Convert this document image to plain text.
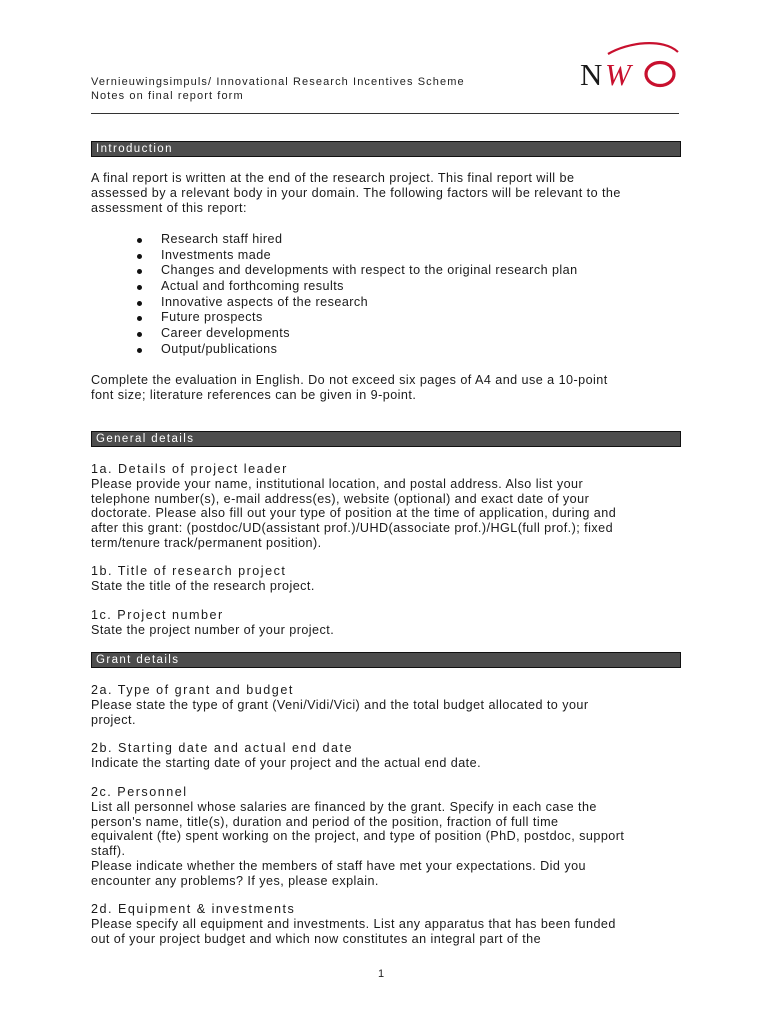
Vernieuwingsimpuls/ Innovational Research Incentives Scheme
Notes on final report form
N W
NWO
Introduction

A final report is written at the end of the research project. This final report will be
assessed by a relevant body in your domain. The following factors will be relevant to the
assessment of this report:

Research staff hired
Investments made
Changes and developments with respect to the original research plan
Actual and forthcoming results
Innovative aspects of the research
Future prospects
Career developments
Output/publications

Complete the evaluation in English. Do not exceed six pages of A4 and use a 10-point
font size; literature references can be given in 9-point.

General details

1a. Details of project leader
Please provide your name, institutional location, and postal address. Also list your
telephone number(s), e-mail address(es), website (optional) and exact date of your
doctorate. Please also fill out your type of position at the time of application, during and
after this grant: (postdoc/UD(assistant prof.)/UHD(associate prof.)/HGL(full prof.); fixed
term/tenure track/permanent position).

1b. Title of research project
State the title of the research project.

1c. Project number
State the project number of your project.

Grant details

2a. Type of grant and budget
Please state the type of grant (Veni/Vidi/Vici) and the total budget allocated to your
project.

2b. Starting date and actual end date
Indicate the starting date of your project and the actual end date.

2c. Personnel
List all personnel whose salaries are financed by the grant. Specify in each case the
person's name, title(s), duration and period of the position, fraction of full time
equivalent (fte) spent working on the project, and type of position (PhD, postdoc, support
staff).
Please indicate whether the members of staff have met your expectations. Did you
encounter any problems? If yes, please explain.

2d. Equipment & investments
Please specify all equipment and investments. List any apparatus that has been funded
out of your project budget and which now constitutes an integral part of the

1
